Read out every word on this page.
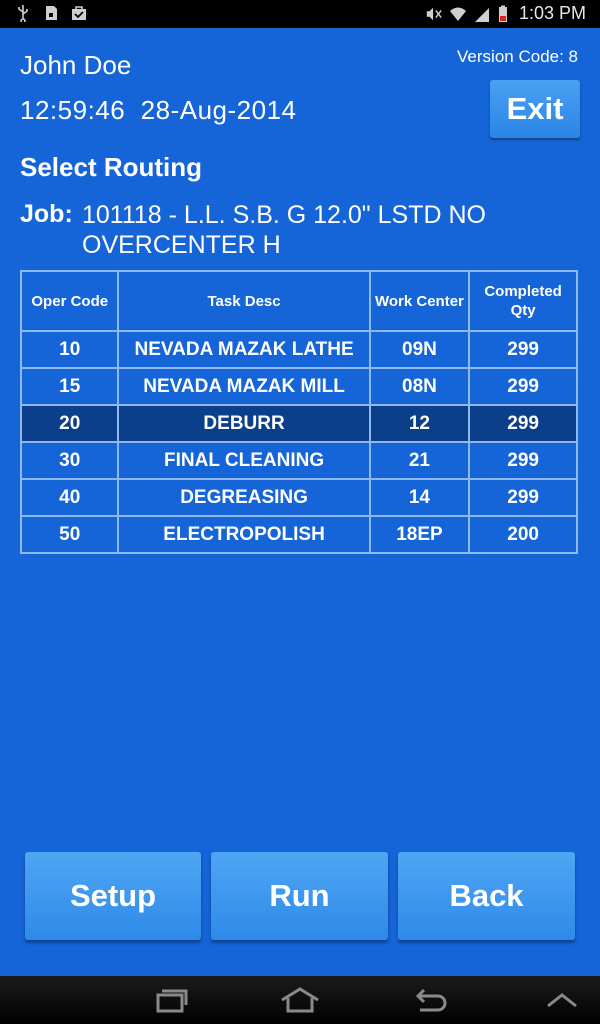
1:03 PM
John Doe
12:59:46  28-Aug-2014
Version Code: 8
Exit
Select Routing
Job: 101118 - L.L. S.B. G 12.0" LSTD NO OVERCENTER H
Oper Code	Task Desc	Work Center	Completed Qty
10	NEVADA MAZAK LATHE	09N	299
15	NEVADA MAZAK MILL	08N	299
20	DEBURR	12	299
30	FINAL CLEANING	21	299
40	DEGREASING	14	299
50	ELECTROPOLISH	18EP	200
Setup	Run	Back
